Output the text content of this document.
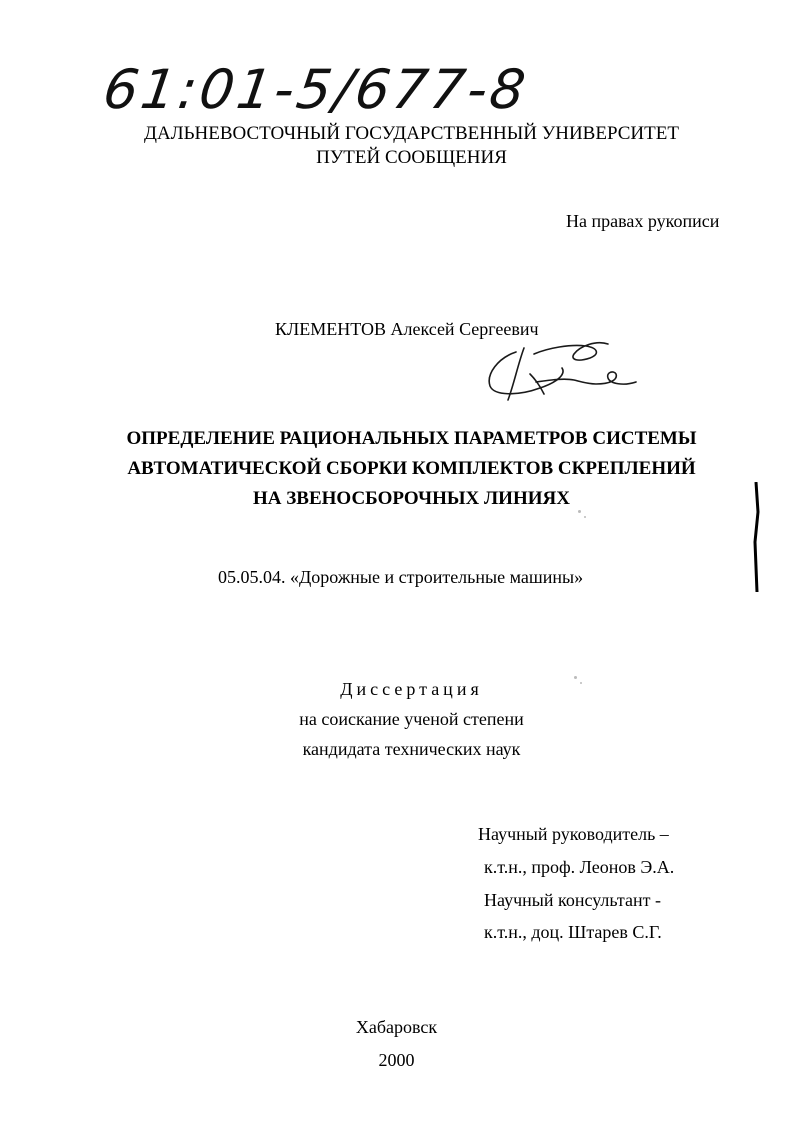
61:01-5/677-8
ДАЛЬНЕВОСТОЧНЫЙ ГОСУДАРСТВЕННЫЙ УНИВЕРСИТЕТ
ПУТЕЙ СООБЩЕНИЯ
На правах рукописи
КЛЕМЕНТОВ Алексей Сергеевич
ОПРЕДЕЛЕНИЕ РАЦИОНАЛЬНЫХ ПАРАМЕТРОВ СИСТЕМЫ
АВТОМАТИЧЕСКОЙ СБОРКИ КОМПЛЕКТОВ СКРЕПЛЕНИЙ
НА ЗВЕНОСБОРОЧНЫХ ЛИНИЯХ
05.05.04. «Дорожные и строительные машины»
Диссертация
на соискание ученой степени
кандидата технических наук
Научный руководитель –
к.т.н., проф. Леонов Э.А.
Научный консультант -
к.т.н., доц. Штарев С.Г.
Хабаровск
2000
